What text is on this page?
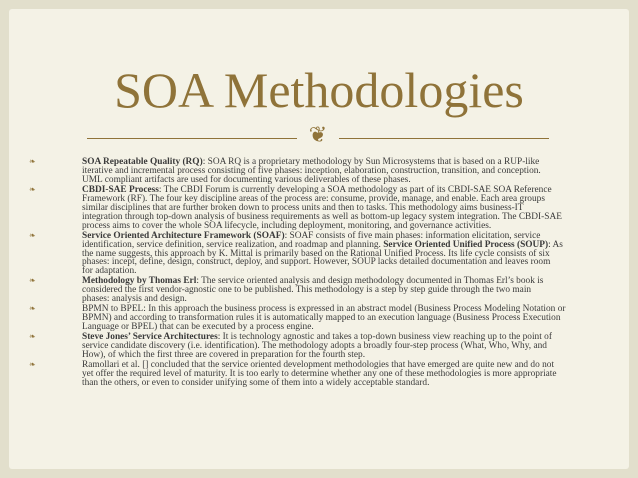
SOA Methodologies
❦
❧	SOA Repeatable Quality (RQ): SOA RQ is a proprietary methodology by Sun Microsystems that is based on a RUP-like
iterative and incremental process consisting of five phases: inception, elaboration, construction, transition, and conception.
UML compliant artifacts are used for documenting various deliverables of these phases.
❧	CBDI-SAE Process: The CBDI Forum is currently developing a SOA methodology as part of its CBDI-SAE SOA Reference
Framework (RF). The four key discipline areas of the process are: consume, provide, manage, and enable. Each area groups
similar disciplines that are further broken down to process units and then to tasks. This methodology aims business-IT
integration through top-down analysis of business requirements as well as bottom-up legacy system integration. The CBDI-SAE
process aims to cover the whole SOA lifecycle, including deployment, monitoring, and governance activities.
❧	Service Oriented Architecture Framework (SOAF): SOAF consists of five main phases: information elicitation, service
identification, service definition, service realization, and roadmap and planning. Service Oriented Unified Process (SOUP): As
the name suggests, this approach by K. Mittal is primarily based on the Rational Unified Process. Its life cycle consists of six
phases: incept, define, design, construct, deploy, and support. However, SOUP lacks detailed documentation and leaves room
for adaptation.
❧	Methodology by Thomas Erl: The service oriented analysis and design methodology documented in Thomas Erl’s book is
considered the first vendor-agnostic one to be published. This methodology is a step by step guide through the two main
phases: analysis and design.
❧	BPMN to BPEL: In this approach the business process is expressed in an abstract model (Business Process Modeling Notation or
BPMN) and according to transformation rules it is automatically mapped to an execution language (Business Process Execution
Language or BPEL) that can be executed by a process engine.
❧	Steve Jones’ Service Architectures: It is technology agnostic and takes a top-down business view reaching up to the point of
service candidate discovery (i.e. identification). The methodology adopts a broadly four-step process (What, Who, Why, and
How), of which the first three are covered in preparation for the fourth step.
❧	Ramollari et al. [] concluded that the service oriented development methodologies that have emerged are quite new and do not
yet offer the required level of maturity. It is too early to determine whether any one of these methodologies is more appropriate
than the others, or even to consider unifying some of them into a widely acceptable standard.
